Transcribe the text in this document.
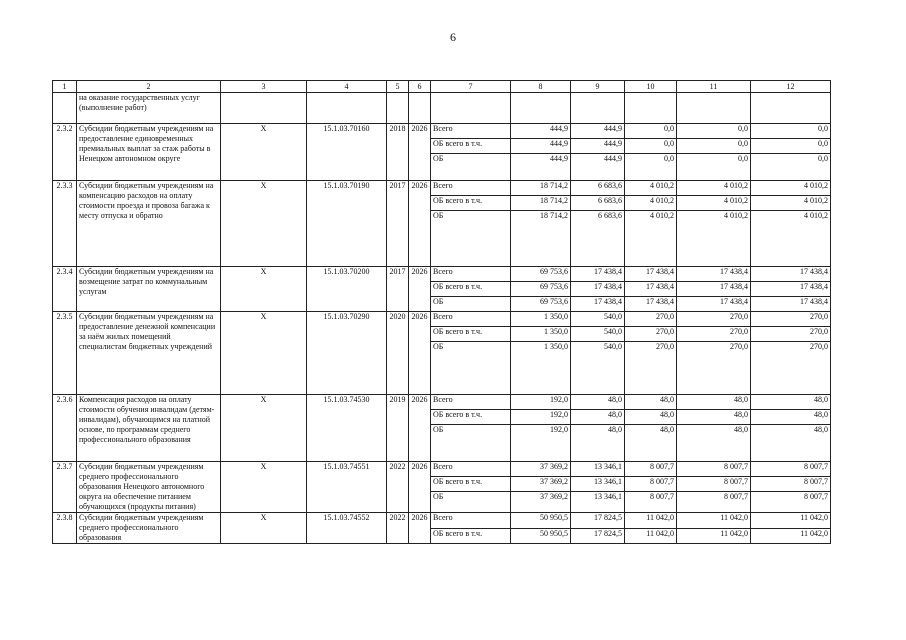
6
1	2	3	4	5	6	7	8	9	10	11	12
	на оказание государственных услуг (выполнение работ)										
2.3.2	Субсидии бюджетным учреждениям на предоставление единовременных премиальных выплат за стаж работы в Ненецком автономном округе	Х	15.1.03.70160	2018	2026	Всего	444,9	444,9	0,0	0,0	0,0
						ОБ всего в т.ч.	444,9	444,9	0,0	0,0	0,0
						ОБ	444,9	444,9	0,0	0,0	0,0
2.3.3	Субсидии бюджетным учреждениям на компенсацию расходов на оплату стоимости проезда и провоза багажа к месту отпуска и обратно	Х	15.1.03.70190	2017	2026	Всего	18 714,2	6 683,6	4 010,2	4 010,2	4 010,2
						ОБ всего в т.ч.	18 714,2	6 683,6	4 010,2	4 010,2	4 010,2
						ОБ	18 714,2	6 683,6	4 010,2	4 010,2	4 010,2
2.3.4	Субсидии бюджетным учреждениям на возмещение затрат по коммунальным услугам	Х	15.1.03.70200	2017	2026	Всего	69 753,6	17 438,4	17 438,4	17 438,4	17 438,4
						ОБ всего в т.ч.	69 753,6	17 438,4	17 438,4	17 438,4	17 438,4
						ОБ	69 753,6	17 438,4	17 438,4	17 438,4	17 438,4
2.3.5	Субсидии бюджетным учреждениям на предоставление денежной компенсации за наём жилых помещений специалистам бюджетных учреждений	Х	15.1.03.70290	2020	2026	Всего	1 350,0	540,0	270,0	270,0	270,0
						ОБ всего в т.ч.	1 350,0	540,0	270,0	270,0	270,0
						ОБ	1 350,0	540,0	270,0	270,0	270,0
2.3.6	Компенсация расходов на оплату стоимости обучения инвалидам (детям-инвалидам), обучающимся на платной основе, по программам среднего профессионального образования	Х	15.1.03.74530	2019	2026	Всего	192,0	48,0	48,0	48,0	48,0
						ОБ всего в т.ч.	192,0	48,0	48,0	48,0	48,0
						ОБ	192,0	48,0	48,0	48,0	48,0
2.3.7	Субсидии бюджетным учреждениям среднего профессионального образования Ненецкого автономного округа на обеспечение питанием обучающихся (продукты питания)	Х	15.1.03.74551	2022	2026	Всего	37 369,2	13 346,1	8 007,7	8 007,7	8 007,7
						ОБ всего в т.ч.	37 369,2	13 346,1	8 007,7	8 007,7	8 007,7
						ОБ	37 369,2	13 346,1	8 007,7	8 007,7	8 007,7
2.3.8	Субсидии бюджетным учреждениям среднего профессионального образования	Х	15.1.03.74552	2022	2026	Всего	50 950,5	17 824,5	11 042,0	11 042,0	11 042,0
						ОБ всего в т.ч.	50 950,5	17 824,5	11 042,0	11 042,0	11 042,0
